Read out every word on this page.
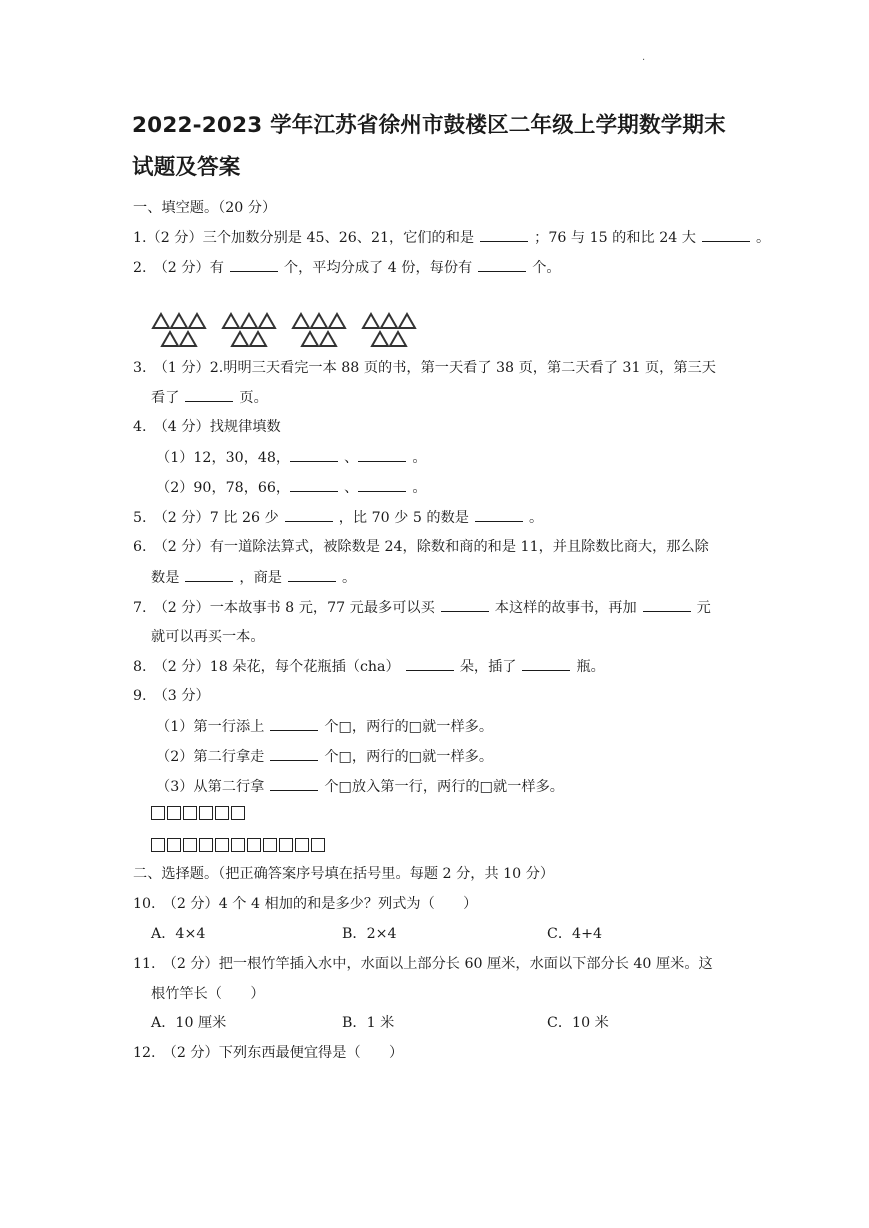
.
2022-2023 学年江苏省徐州市鼓楼区二年级上学期数学期末
试题及答案
一、填空题。（20 分）
1.（2 分）三个加数分别是 45、26、21，它们的和是	；76 与 15 的和比 24 大	。
2.　（2 分）有	个，平均分成了 4 份，每份有	个。
3.　（1 分）2.明明三天看完一本 88 页的书，第一天看了 38 页，第二天看了 31 页，第三天
看了	页。
4.　（4 分）找规律填数
（1）12，30，48，	、	。
（2）90，78，66，	、	。
5.　（2 分）7 比 26 少	，比 70 少 5 的数是	。
6.　（2 分）有一道除法算式，被除数是 24，除数和商的和是 11，并且除数比商大，那么除
数是	，商是	。
7.　（2 分）一本故事书 8 元，77 元最多可以买	本这样的故事书，再加	元
就可以再买一本。
8.　（2 分）18 朵花，每个花瓶插（cha）	朵，插了	瓶。
9.　（3 分）
（1）第一行添上	个□，两行的□就一样多。
（2）第二行拿走	个□，两行的□就一样多。
（3）从第二行拿	个□放入第一行，两行的□就一样多。
二、选择题。（把正确答案序号填在括号里。每题 2 分，共 10 分）
10.　（2 分）4 个 4 相加的和是多少？列式为（　　）
A．4×4	B．2×4	C．4+4
11.　（2 分）把一根竹竿插入水中，水面以上部分长 60 厘米，水面以下部分长 40 厘米。这
根竹竿长（　　）
A．10 厘米	B．1 米	C．10 米
12.　（2 分）下列东西最便宜得是（　　）
